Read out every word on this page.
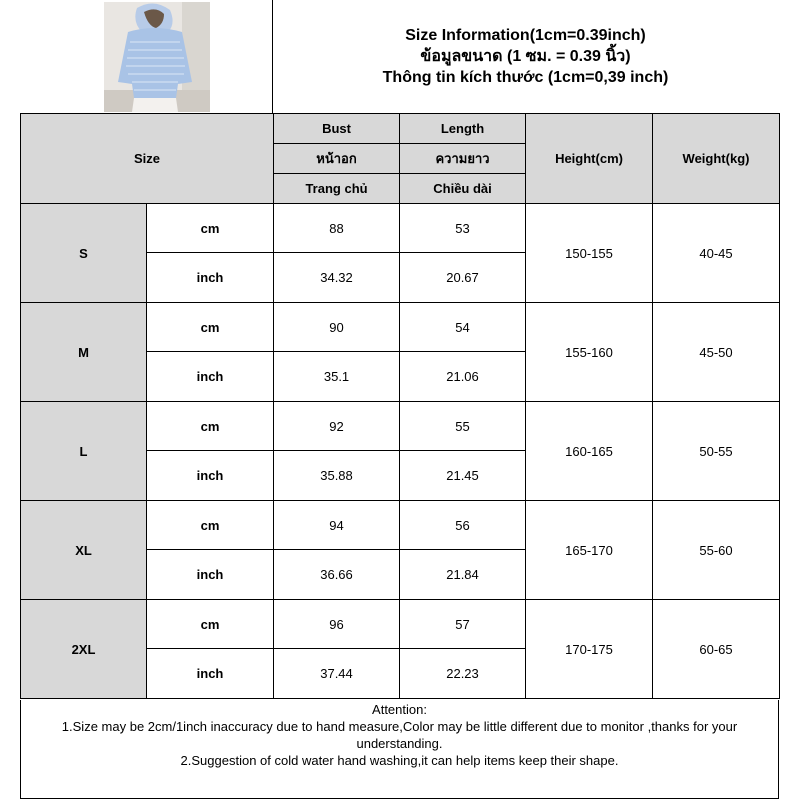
Size Information(1cm=0.39inch)
ข้อมูลขนาด (1 ซม. = 0.39 นิ้ว)
Thông tin kích thước (1cm=0,39 inch)
Size		Bust	Length	Height(cm)	Weight(kg)
		หน้าอก	ความยาว		
		Trang chủ	Chiều dài		
S	cm	88	53	150-155	40-45
	inch	34.32	20.67		
M	cm	90	54	155-160	45-50
	inch	35.1	21.06		
L	cm	92	55	160-165	50-55
	inch	35.88	21.45		
XL	cm	94	56	165-170	55-60
	inch	36.66	21.84		
2XL	cm	96	57	170-175	60-65
	inch	37.44	22.23		
Attention:
1.Size may be 2cm/1inch inaccuracy due to hand measure,Color may be little different due to monitor ,thanks for your understanding.
2.Suggestion of cold water hand washing,it can help items keep their shape.
